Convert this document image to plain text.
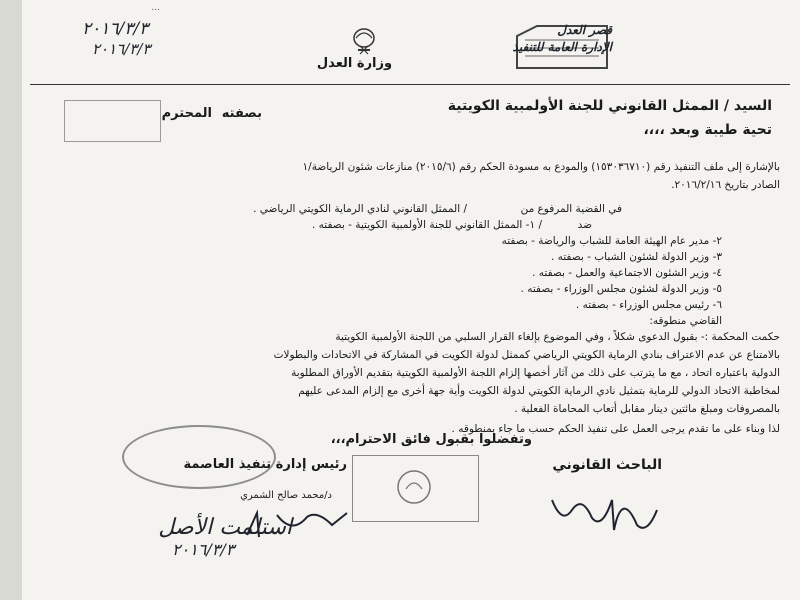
قصر العدل
الإدارة العامة للتنفيذ
وزارة العدل
...
٢٠١٦/٣/٣
٢٠١٦/٣/٣
السيد / الممثل القانوني للجنة الأولمبية الكويتية
بصفته
المحترم
تحية طيبة وبعد ،،،،
بالإشارة إلى ملف التنفيذ رقم (١٥٣٠٣٦٧١٠) والمودع به مسودة الحكم رقم (٢٠١٥/٦) منازعات شئون الرياضة/١
الصادر بتاريخ ٢٠١٦/٢/١٦.
في القضية المرفوع من
/ الممثل القانوني لنادي الرماية الكويتي الرياضي .
ضد
/ ١- الممثل القانوني للجنة الأولمبية الكويتية - بصفته .
٢- مدير عام الهيئة العامة للشباب والرياضة - بصفته
٣- وزير الدولة لشئون الشباب - بصفته .
٤- وزير الشئون الاجتماعية والعمل - بصفته .
٥- وزير الدولة لشئون مجلس الوزراء - بصفته .
٦- رئيس مجلس الوزراء - بصفته .
القاضي منطوقه:
حكمت المحكمة :- بقبول الدعوى شكلاً ، وفي الموضوع بإلغاء القرار السلبي من اللجنة الأولمبية الكويتية
بالامتناع عن عدم الاعتراف بنادي الرماية الكويتي الرياضي كممثل لدولة الكويت في المشاركة في الاتحادات والبطولات
الدولية باعتباره اتحاد ، مع ما يترتب على ذلك من آثار أخصها إلزام اللجنة الأولمبية الكويتية بتقديم الأوراق المطلوبة
لمخاطبة الاتحاد الدولي للرماية بتمثيل نادي الرماية الكويتي لدولة الكويت وأية جهة أخرى مع إلزام المدعى عليهم
بالمصروفات ومبلغ مائتين دينار مقابل أتعاب المحاماة الفعلية .
لذا وبناء على ما تقدم يرجى العمل على تنفيذ الحكم حسب ما جاء بمنطوقه .
وتفضلوا بقبول فائق الاحترام،،،
الباحث القانوني
رئيس إدارة تنفيذ العاصمة
د/محمد صالح الشمري
استلمت الأصل
٢٠١٦/٣/٣
